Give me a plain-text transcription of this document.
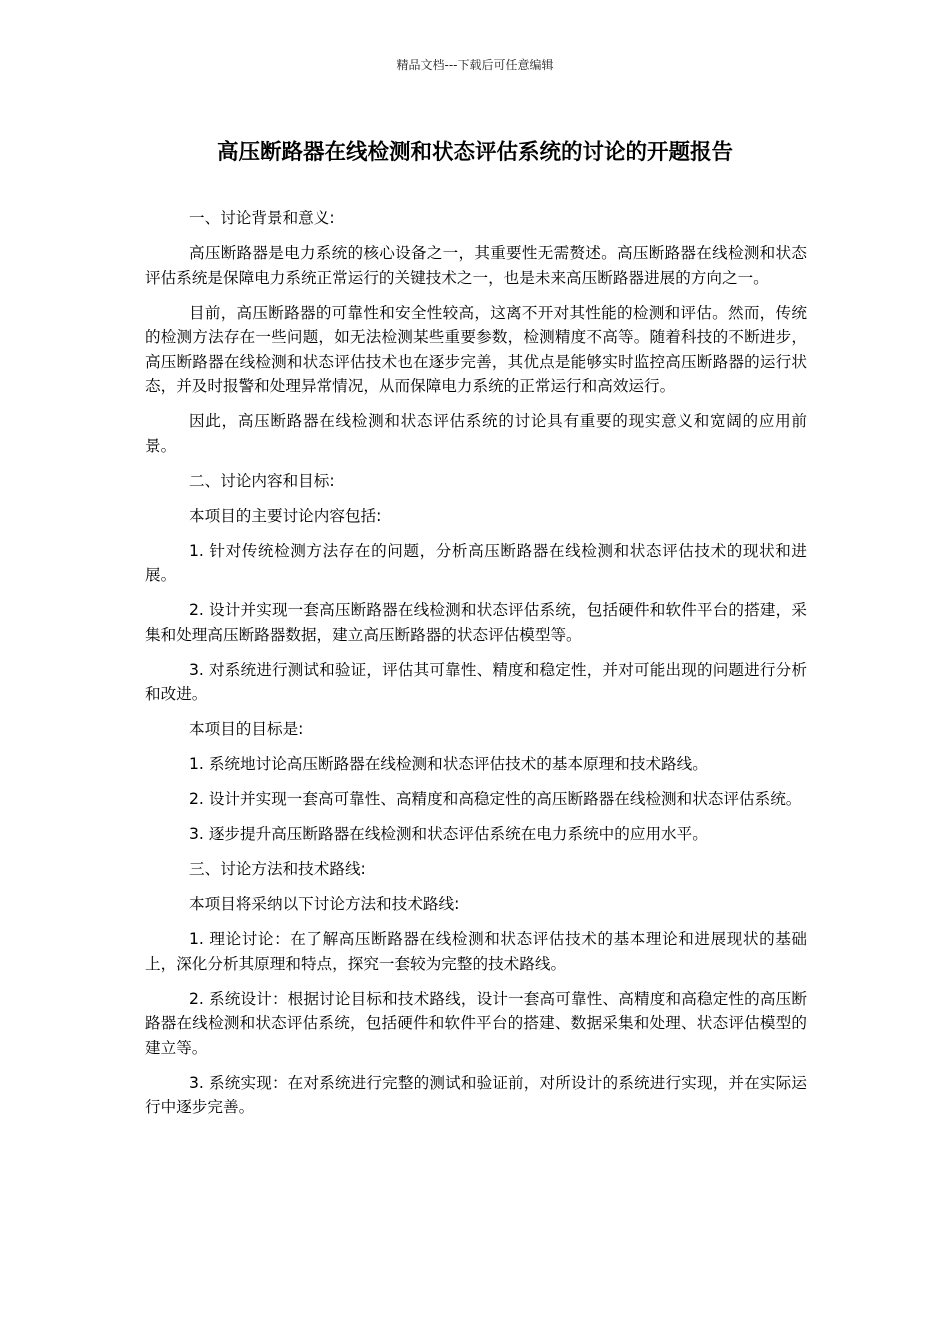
精品文档---下载后可任意编辑
高压断路器在线检测和状态评估系统的讨论的开题报告

一、讨论背景和意义:

高压断路器是电力系统的核心设备之一，其重要性无需赘述。高压断路器在线检测和状态评估系统是保障电力系统正常运行的关键技术之一，也是未来高压断路器进展的方向之一。

目前，高压断路器的可靠性和安全性较高，这离不开对其性能的检测和评估。然而，传统的检测方法存在一些问题，如无法检测某些重要参数，检测精度不高等。随着科技的不断进步，高压断路器在线检测和状态评估技术也在逐步完善，其优点是能够实时监控高压断路器的运行状态，并及时报警和处理异常情况，从而保障电力系统的正常运行和高效运行。

因此，高压断路器在线检测和状态评估系统的讨论具有重要的现实意义和宽阔的应用前景。

二、讨论内容和目标:

本项目的主要讨论内容包括:

1. 针对传统检测方法存在的问题，分析高压断路器在线检测和状态评估技术的现状和进展。

2. 设计并实现一套高压断路器在线检测和状态评估系统，包括硬件和软件平台的搭建，采集和处理高压断路器数据，建立高压断路器的状态评估模型等。

3. 对系统进行测试和验证，评估其可靠性、精度和稳定性，并对可能出现的问题进行分析和改进。

本项目的目标是:

1. 系统地讨论高压断路器在线检测和状态评估技术的基本原理和技术路线。

2. 设计并实现一套高可靠性、高精度和高稳定性的高压断路器在线检测和状态评估系统。

3. 逐步提升高压断路器在线检测和状态评估系统在电力系统中的应用水平。

三、讨论方法和技术路线:

本项目将采纳以下讨论方法和技术路线:

1. 理论讨论：在了解高压断路器在线检测和状态评估技术的基本理论和进展现状的基础上，深化分析其原理和特点，探究一套较为完整的技术路线。

2. 系统设计：根据讨论目标和技术路线，设计一套高可靠性、高精度和高稳定性的高压断路器在线检测和状态评估系统，包括硬件和软件平台的搭建、数据采集和处理、状态评估模型的建立等。

3. 系统实现：在对系统进行完整的测试和验证前，对所设计的系统进行实现，并在实际运行中逐步完善。
